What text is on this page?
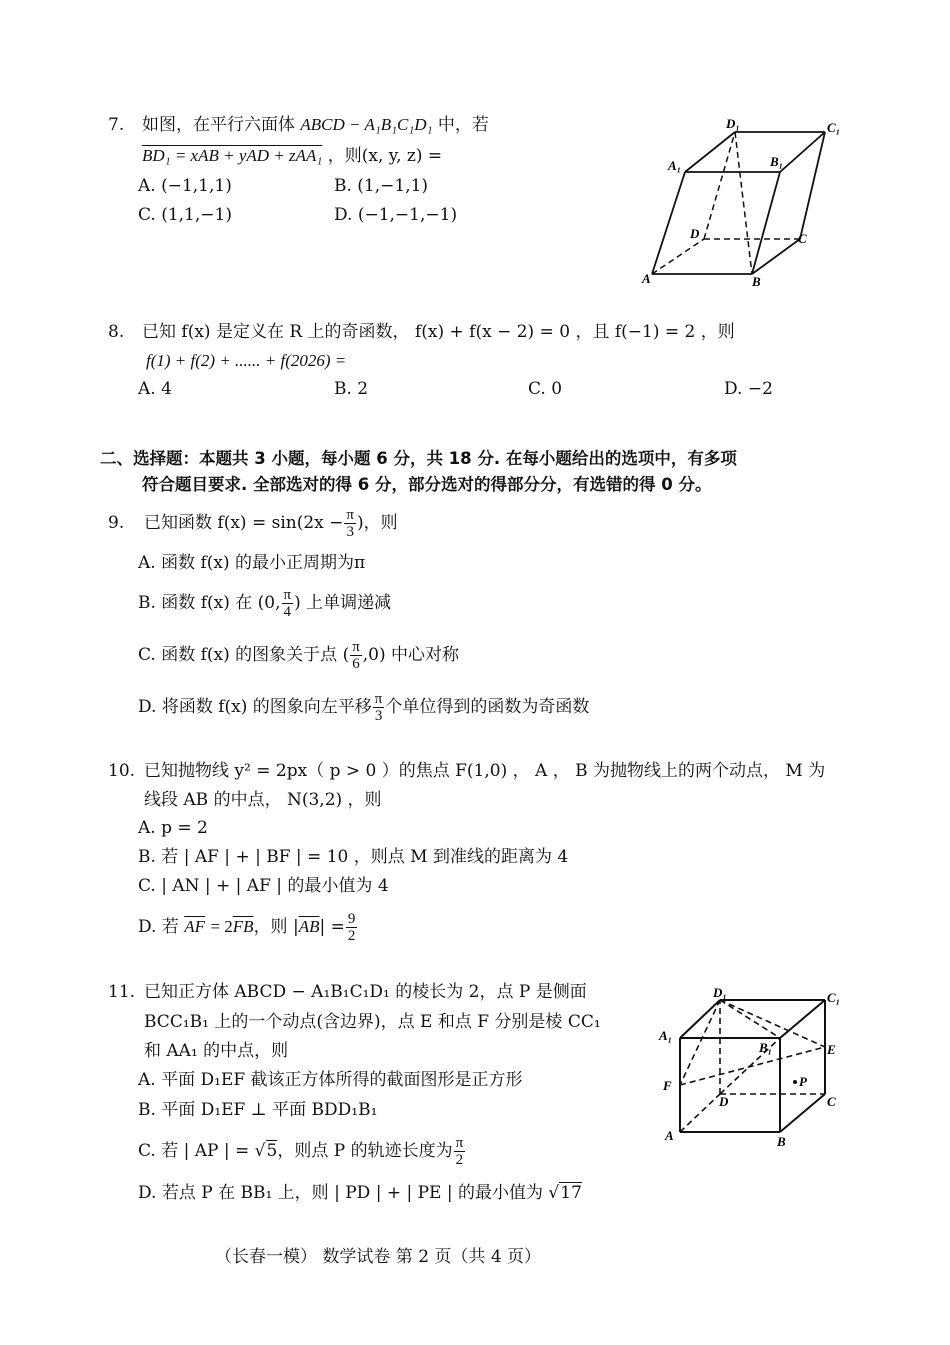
7. 如图，在平行六面体 ABCD − A₁B₁C₁D₁ 中，若
BD₁ = xAB + yAD + zAA₁ ，则(x, y, z) =
A. (−1,1,1)	B. (1,−1,1)
C. (1,1,−1)	D. (−1,−1,−1)
D₁	C₁
A₁	B₁
D	C
A	B
8. 已知 f(x) 是定义在 R 上的奇函数， f(x) + f(x − 2) = 0 ，且 f(−1) = 2 ，则
f(1) + f(2) + ...... + f(2026) =
A. 4	B. 2	C. 0	D. −2
二、选择题：本题共 3 小题，每小题 6 分，共 18 分. 在每小题给出的选项中，有多项
符合题目要求. 全部选对的得 6 分，部分选对的得部分分，有选错的得 0 分。
9. 已知函数 $f(x) = \sin(2x - \frac{\pi}{3}$ )，则
A. 函数 f(x) 的最小正周期为π
B. 函数 f(x) 在 (0, $\frac{\pi}{4}$ ) 上单调递减
C. 函数 f(x) 的图象关于点 ( $\frac{\pi}{6} ,0$) 中心对称
D. 将函数 f(x) 的图象向左平移 $\frac{\pi}{3}$ 个单位得到的函数为奇函数
10. 已知抛物线 y² = 2px（ p > 0 ）的焦点 F(1,0) ， A ， B 为抛物线上的两个动点， M 为
线段 AB 的中点， N(3,2) ，则
A. p = 2
B. 若 | AF | + | BF | = 10 ，则点 M 到准线的距离为 4
C. | AN | + | AF | 的最小值为 4
D. 若 $\overline{AF} = 2\overline{FB}$，则 $|\overline{AB}| = \frac{9}{2}$
11. 已知正方体 ABCD − A₁B₁C₁D₁ 的棱长为 2，点 P 是侧面
BCC₁B₁ 上的一个动点(含边界)，点 E 和点 F 分别是棱 CC₁
和 AA₁ 的中点，则
A. 平面 D₁EF 截该正方体所得的截面图形是正方形
B. 平面 D₁EF ⊥ 平面 BDD₁B₁
C. 若 | AP | = √5，则点 P 的轨迹长度为 $\frac{\pi}{2}$
D. 若点 P 在 BB₁ 上，则 | PD | + | PE | 的最小值为 √17
D₁	C₁
A₁
B₁	E
F	P
D	C
A	B
（长春一模） 数学试卷 第 2 页（共 4 页）
